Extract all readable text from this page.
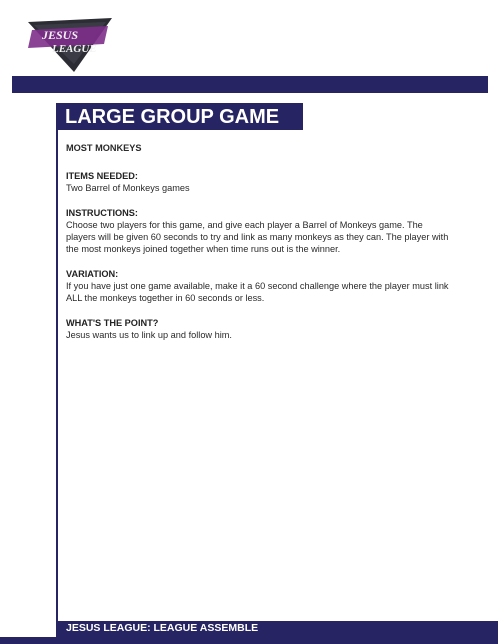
JESUS
LEAGUE
LARGE GROUP GAME
MOST MONKEYS
ITEMS NEEDED:

Two Barrel of Monkeys games

INSTRUCTIONS:

Choose two players for this game, and give each player a Barrel of Monkeys game. The players will be given 60 seconds to try and link as many monkeys as they can. The player with the most monkeys joined together when time runs out is the winner.

VARIATION:

If you have just one game available, make it a 60 second challenge where the player must link ALL the monkeys together in 60 seconds or less.

WHAT'S THE POINT?

Jesus wants us to link up and follow him.

JESUS LEAGUE: LEAGUE ASSEMBLE
